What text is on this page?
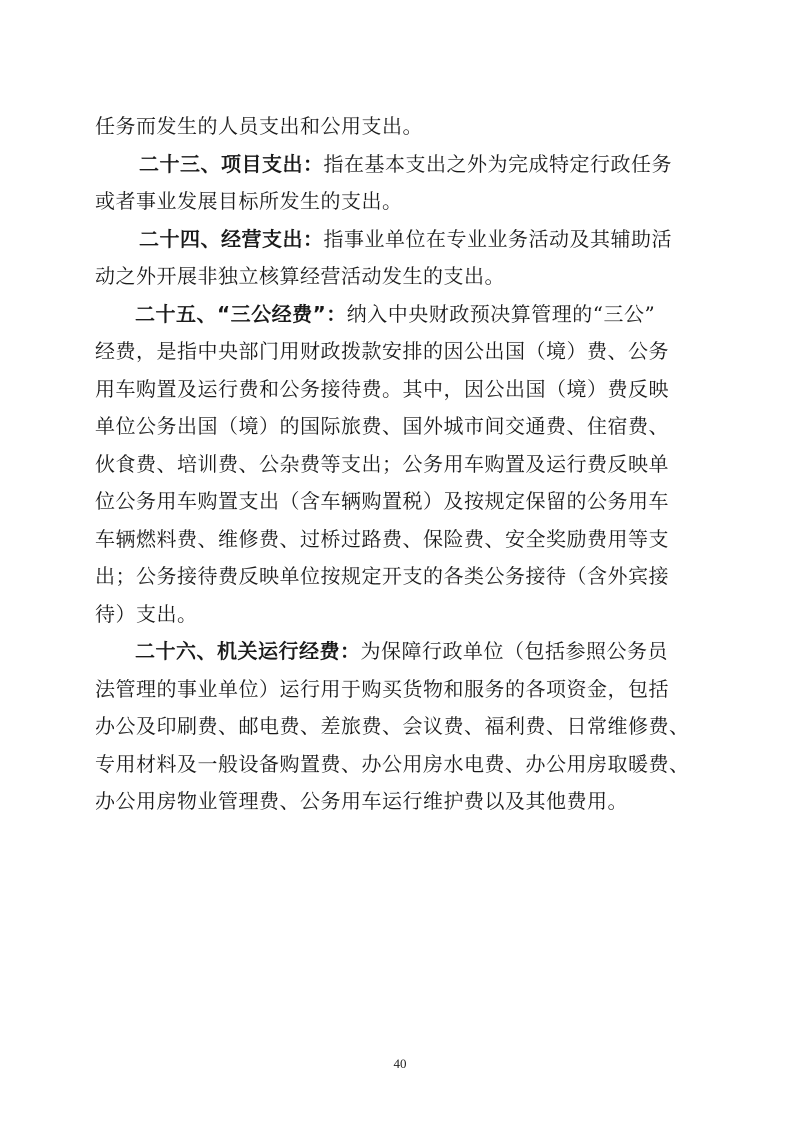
任务而发生的人员支出和公用支出。
二十三、项目支出：指在基本支出之外为完成特定行政任务
或者事业发展目标所发生的支出。
二十四、经营支出：指事业单位在专业业务活动及其辅助活
动之外开展非独立核算经营活动发生的支出。
二十五、“三公经费”：纳入中央财政预决算管理的“三公”
经费，是指中央部门用财政拨款安排的因公出国（境）费、公务
用车购置及运行费和公务接待费。其中，因公出国（境）费反映
单位公务出国（境）的国际旅费、国外城市间交通费、住宿费、
伙食费、培训费、公杂费等支出；公务用车购置及运行费反映单
位公务用车购置支出（含车辆购置税）及按规定保留的公务用车
车辆燃料费、维修费、过桥过路费、保险费、安全奖励费用等支
出；公务接待费反映单位按规定开支的各类公务接待（含外宾接
待）支出。
二十六、机关运行经费：为保障行政单位（包括参照公务员
法管理的事业单位）运行用于购买货物和服务的各项资金，包括
办公及印刷费、邮电费、差旅费、会议费、福利费、日常维修费、
专用材料及一般设备购置费、办公用房水电费、办公用房取暖费、
办公用房物业管理费、公务用车运行维护费以及其他费用。
40
